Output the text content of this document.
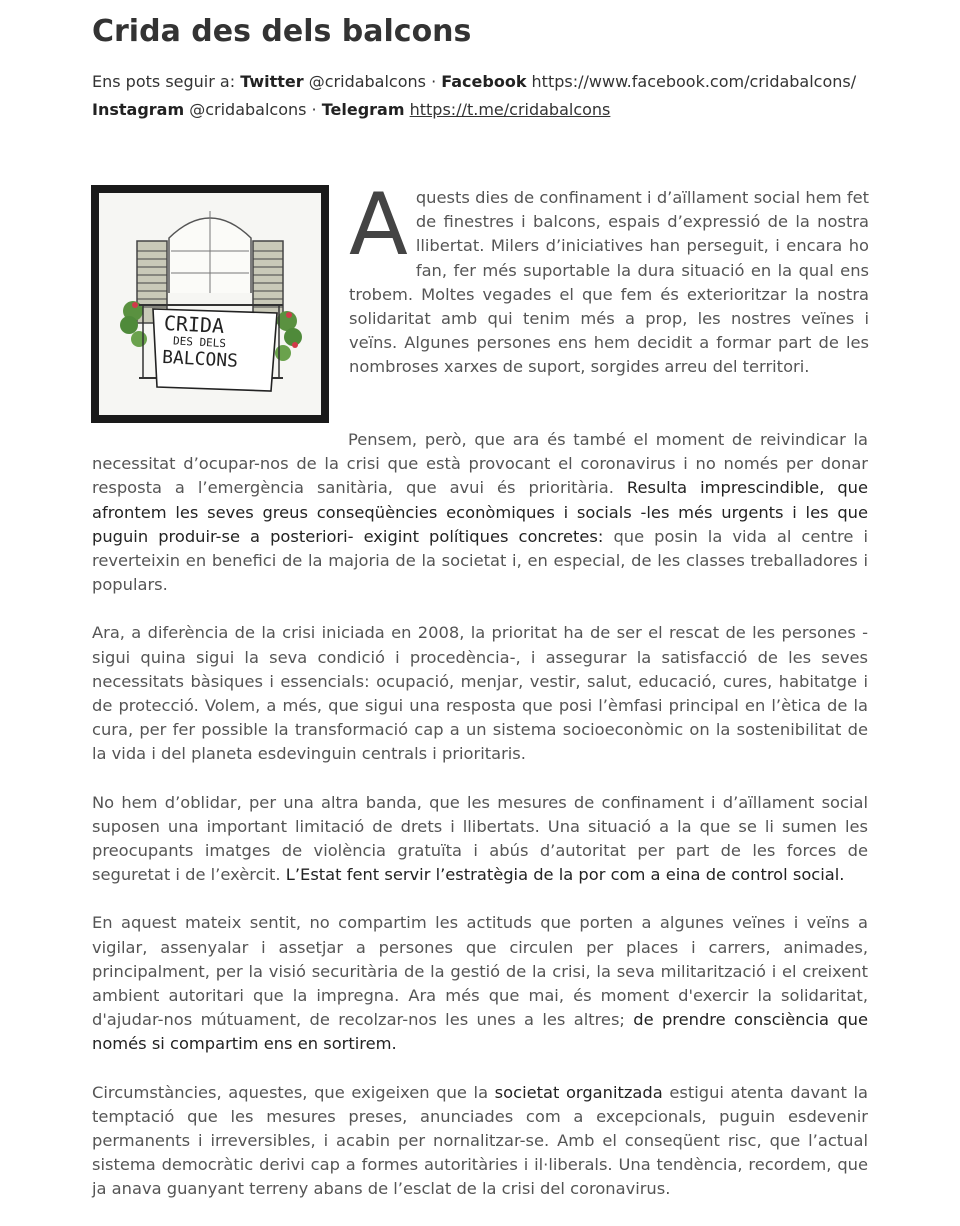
Crida des dels balcons
Ens pots seguir a: Twitter @cridabalcons · Facebook https://www.facebook.com/cridabalcons/
Instagram @cridabalcons · Telegram https://t.me/cridabalcons
CRIDA
DES DELS
BALCONS
Aquests dies de confinament i d’aïllament social hem fet de finestres i balcons, espais d’expressió de la nostra llibertat. Milers d’iniciatives han perseguit, i encara ho fan, fer més suportable la dura situació en la qual ens trobem. Moltes vegades el que fem és exterioritzar la nostra solidaritat amb qui tenim més a prop, les nostres veïnes i veïns. Algunes persones ens hem decidit a formar part de les nombroses xarxes de suport, sorgides arreu del territori.

Pensem, però, que ara és també el moment de reivindicar la necessitat d’ocupar-nos de la crisi que està provocant el coronavirus i no només per donar resposta a l’emergència sanitària, que avui és prioritària. Resulta imprescindible, que afrontem les seves greus conseqüències econòmiques i socials -les més urgents i les que puguin produir-se a posteriori- exigint polítiques concretes: que posin la vida al centre i reverteixin en benefici de la majoria de la societat i, en especial, de les classes treballadores i populars.

Ara, a diferència de la crisi iniciada en 2008, la prioritat ha de ser el rescat de les persones -sigui quina sigui la seva condició i procedència-, i assegurar la satisfacció de les seves necessitats bàsiques i essencials: ocupació, menjar, vestir, salut, educació, cures, habitatge i de protecció. Volem, a més, que sigui una resposta que posi l’èmfasi principal en l’ètica de la cura, per fer possible la transformació cap a un sistema socioeconòmic on la sostenibilitat de la vida i del planeta esdevinguin centrals i prioritaris.

No hem d’oblidar, per una altra banda, que les mesures de confinament i d’aïllament social suposen una important limitació de drets i llibertats. Una situació a la que se li sumen les preocupants imatges de violència gratuïta i abús d’autoritat per part de les forces de seguretat i de l’exèrcit. L’Estat fent servir l’estratègia de la por com a eina de control social.

En aquest mateix sentit, no compartim les actituds que porten a algunes veïnes i veïns a vigilar, assenyalar i assetjar a persones que circulen per places i carrers, animades, principalment, per la visió securitària de la gestió de la crisi, la seva militarització i el creixent ambient autoritari que la impregna. Ara més que mai, és moment d'exercir la solidaritat, d'ajudar-nos mútuament, de recolzar-nos les unes a les altres; de prendre consciència que només si compartim ens en sortirem.

Circumstàncies, aquestes, que exigeixen que la societat organitzada estigui atenta davant la temptació que les mesures preses, anunciades com a excepcionals, puguin esdevenir permanents i irreversibles, i acabin per nornalitzar-se. Amb el conseqüent risc, que l’actual sistema democràtic derivi cap a formes autoritàries i il·liberals. Una tendència, recordem, que ja anava guanyant terreny abans de l’esclat de la crisi del coronavirus.
